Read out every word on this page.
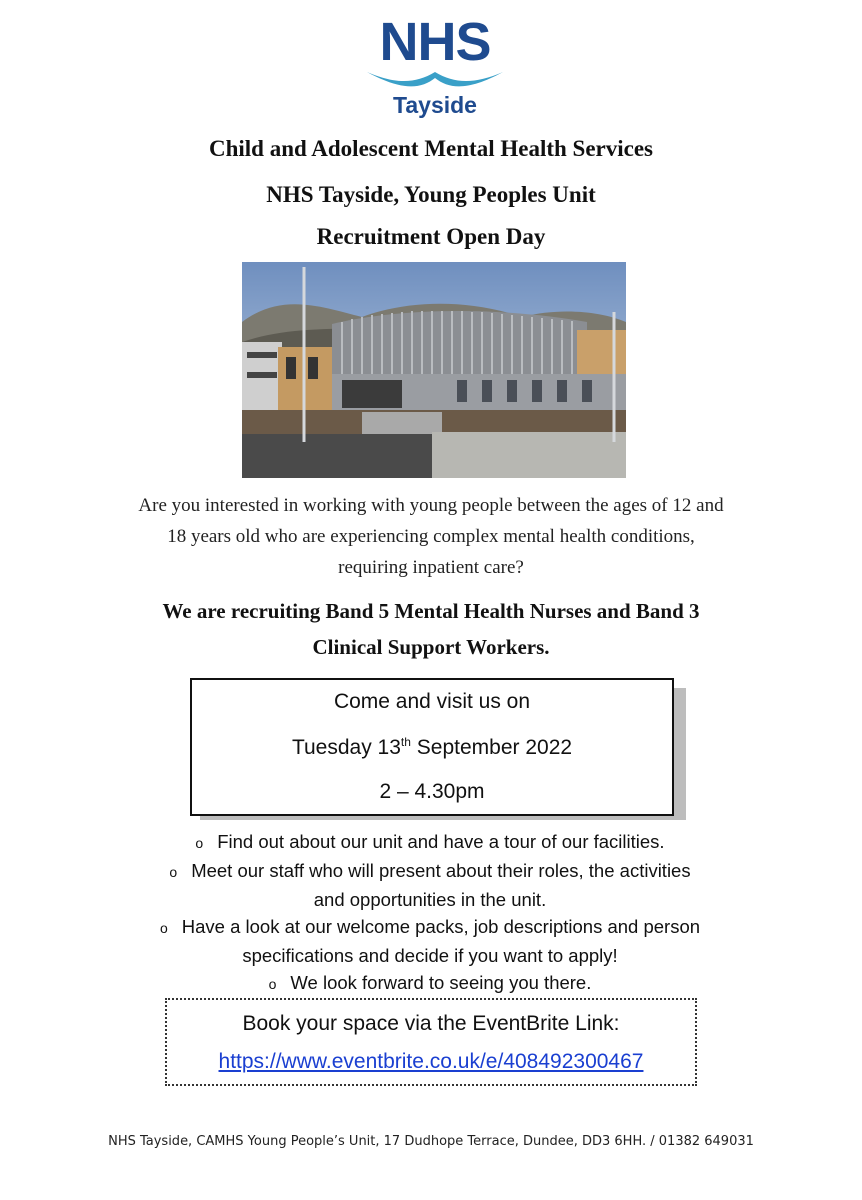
NHS
Tayside
Child and Adolescent Mental Health Services
NHS Tayside, Young Peoples Unit
Recruitment Open Day
Are you interested in working with young people between the ages of 12 and
18 years old who are experiencing complex mental health conditions,
requiring inpatient care?
We are recruiting Band 5 Mental Health Nurses and Band 3
Clinical Support Workers.
Come and visit us on
Tuesday 13th September 2022
2 – 4.30pm
o Find out about our unit and have a tour of our facilities.
o Meet our staff who will present about their roles, the activities
and opportunities in the unit.
o Have a look at our welcome packs, job descriptions and person
specifications and decide if you want to apply!
o We look forward to seeing you there.
Book your space via the EventBrite Link:
https://www.eventbrite.co.uk/e/408492300467
NHS Tayside, CAMHS Young People’s Unit, 17 Dudhope Terrace, Dundee, DD3 6HH. / 01382 649031
